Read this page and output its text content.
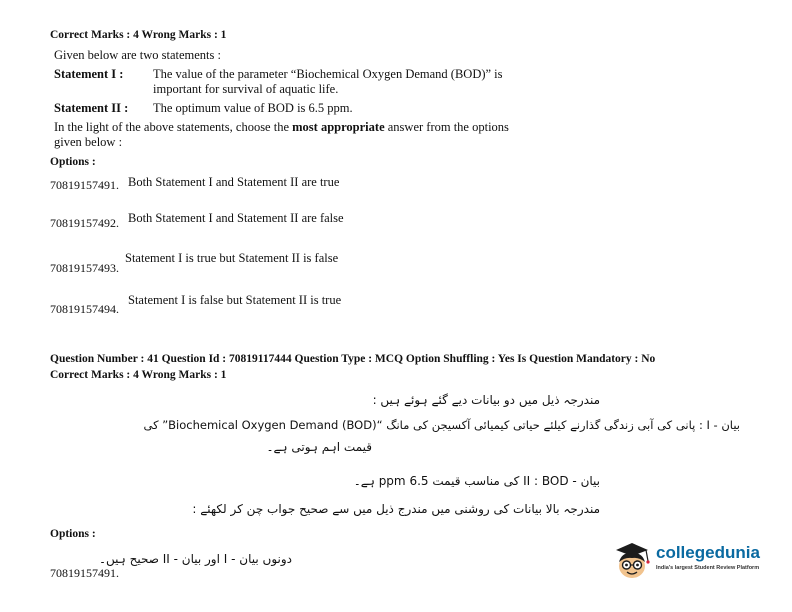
Correct Marks : 4 Wrong Marks : 1
Given below are two statements :
Statement I : The value of the parameter “Biochemical Oxygen Demand (BOD)” is
important for survival of aquatic life.
Statement II : The optimum value of BOD is 6.5 ppm.
In the light of the above statements, choose the most appropriate answer from the options
given below :
Options :
70819157491. Both Statement I and Statement II are true
70819157492. Both Statement I and Statement II are false
70819157493.
Statement I is true but Statement II is false
70819157494.
Statement I is false but Statement II is true
Question Number : 41 Question Id : 70819117444 Question Type : MCQ Option Shuffling : Yes Is Question Mandatory : No
Correct Marks : 4 Wrong Marks : 1
مندرجہ ذیل میں دو بیانات دیے گئے ہوئے ہیں :
بیان - I : پانی کی آبی زندگی گذارنے کیلئے حیاتی کیمیائی آکسیجن کی مانگ “Biochemical Oxygen Demand (BOD)” کی
قیمت اہم ہوتی ہے۔
بیان - II : BOD کی مناسب قیمت 6.5 ppm ہے۔
مندرجہ بالا بیانات کی روشنی میں مندرج ذیل میں سے صحیح جواب چن کر لکھئے :
Options :
70819157491.
دونوں بیان - I اور بیان - II صحیح ہیں۔	collegedunia
India's largest Student Review Platform
